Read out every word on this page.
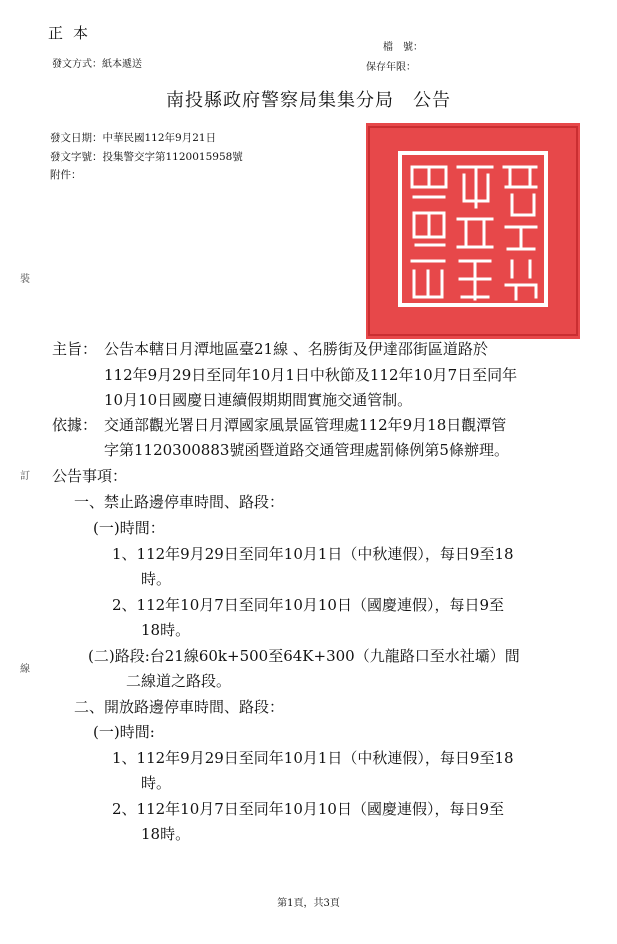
正本
發文方式：紙本遞送
檔　號：
保存年限：
南投縣政府警察局集集分局　公告
發文日期：中華民國112年9月21日
發文字號：投集警交字第1120015958號
附件：
裝
訂
線
主旨： 公告本轄日月潭地區臺21線 、名勝街及伊達邵街區道路於
112年9月29日至同年10月1日中秋節及112年10月7日至同年
10月10日國慶日連續假期期間實施交通管制。
依據： 交通部觀光署日月潭國家風景區管理處112年9月18日觀潭管
字第1120300883號函暨道路交通管理處罰條例第5條辦理。
公告事項：
一、禁止路邊停車時間、路段：
(一)時間：
1、112年9月29日至同年10月1日（中秋連假），每日9至18
時。
2、112年10月7日至同年10月10日（國慶連假），每日9至
18時。
(二)路段:台21線60k+500至64K+300（九龍路口至水社壩）間
二線道之路段。
二、開放路邊停車時間、路段：
(一)時間:
1、112年9月29日至同年10月1日（中秋連假），每日9至18
時。
2、112年10月7日至同年10月10日（國慶連假），每日9至
18時。
第1頁，共3頁
